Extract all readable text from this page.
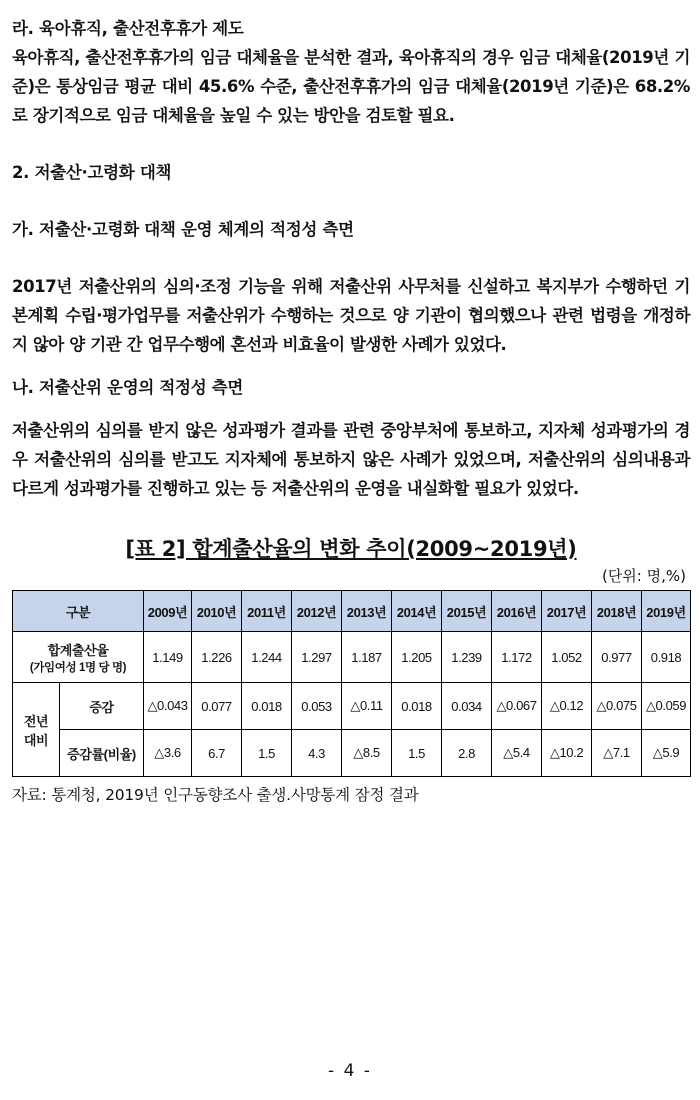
라. 육아휴직, 출산전후휴가 제도
육아휴직, 출산전후휴가의 임금 대체율을 분석한 결과, 육아휴직의 경우 임금 대체율(2019년 기준)은 통상임금 평균 대비 45.6% 수준, 출산전후휴가의 임금 대체율(2019년 기준)은 68.2%로 장기적으로 임금 대체율을 높일 수 있는 방안을 검토할 필요.
2. 저출산·고령화 대책
가. 저출산·고령화 대책 운영 체계의 적정성 측면
2017년 저출산위의 심의·조정 기능을 위해 저출산위 사무처를 신설하고 복지부가 수행하던 기본계획 수립·평가업무를 저출산위가 수행하는 것으로 양 기관이 협의했으나 관련 법령을 개정하지 않아 양 기관 간 업무수행에 혼선과 비효율이 발생한 사례가 있었다.
나. 저출산위 운영의 적정성 측면
저출산위의 심의를 받지 않은 성과평가 결과를 관련 중앙부처에 통보하고, 지자체 성과평가의 경우 저출산위의 심의를 받고도 지자체에 통보하지 않은 사례가 있었으며, 저출산위의 심의내용과 다르게 성과평가를 진행하고 있는 등 저출산위의 운영을 내실화할 필요가 있었다.
[표 2] 합계출산율의 변화 추이(2009~2019년)
(단위: 명,%)
구분		2009년	2010년	2011년	2012년	2013년	2014년	2015년	2016년	2017년	2018년	2019년

합계출산율
(가임여성 1명 당 명)		1.149	1.226	1.244	1.297	1.187	1.205	1.239	1.172	1.052	0.977	0.918

전년
대비	증감	△0.043	0.077	0.018	0.053	△0.11	0.018	0.034	△0.067	△0.12	△0.075	△0.059
	증감률(비율)	△3.6	6.7	1.5	4.3	△8.5	1.5	2.8	△5.4	△10.2	△7.1	△5.9
자료: 통계청, 2019년 인구동향조사 출생.사망통계 잠정 결과
- 4 -
